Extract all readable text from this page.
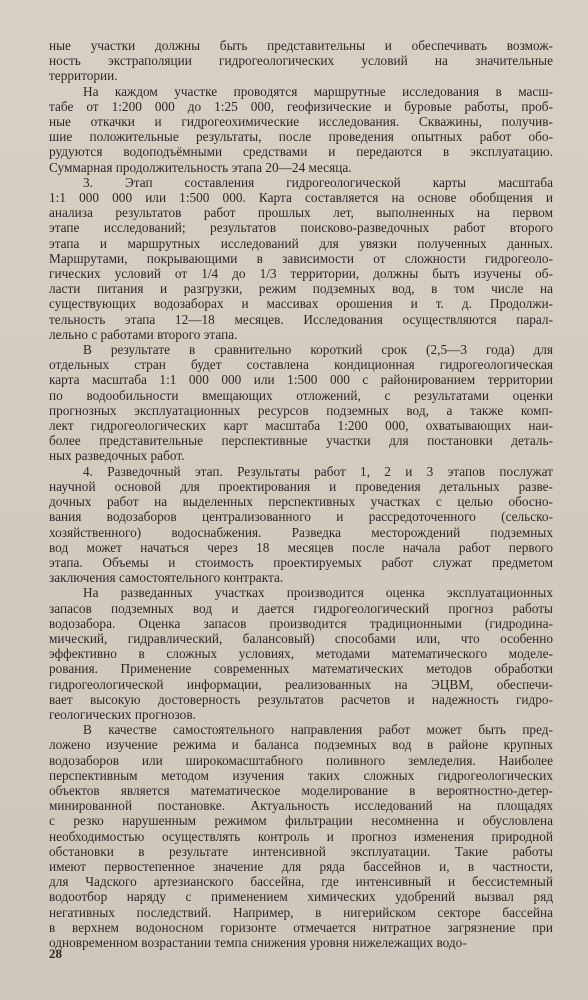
ные участки должны быть представительны и обеспечивать возмож-
ность экстраполяции гидрогеологических условий на значительные
территории.
На каждом участке проводятся маршрутные исследования в масш-
табе от 1:200 000 до 1:25 000, геофизические и буровые работы, проб-
ные откачки и гидрогеохимические исследования. Скважины, получив-
шие положительные результаты, после проведения опытных работ обо-
рудуются водоподъёмными средствами и передаются в эксплуатацию.
Суммарная продолжительность этапа 20—24 месяца.
3. Этап составления гидрогеологической карты масштаба
1:1 000 000 или 1:500 000. Карта составляется на основе обобщения и
анализа результатов работ прошлых лет, выполненных на первом
этапе исследований; результатов поисково-разведочных работ второго
этапа и маршрутных исследований для увязки полученных данных.
Маршрутами, покрывающими в зависимости от сложности гидрогеоло-
гических условий от 1/4 до 1/3 территории, должны быть изучены об-
ласти питания и разгрузки, режим подземных вод, в том числе на
существующих водозаборах и массивах орошения и т. д. Продолжи-
тельность этапа 12—18 месяцев. Исследования осуществляются парал-
лельно с работами второго этапа.
В результате в сравнительно короткий срок (2,5—3 года) для
отдельных стран будет составлена кондиционная гидрогеологическая
карта масштаба 1:1 000 000 или 1:500 000 с районированием территории
по водообильности вмещающих отложений, с результатами оценки
прогнозных эксплуатационных ресурсов подземных вод, а также комп-
лект гидрогеологических карт масштаба 1:200 000, охватывающих наи-
более представительные перспективные участки для постановки деталь-
ных разведочных работ.
4. Разведочный этап. Результаты работ 1, 2 и 3 этапов послужат
научной основой для проектирования и проведения детальных разве-
дочных работ на выделенных перспективных участках с целью обосно-
вания водозаборов централизованного и рассредоточенного (сельско-
хозяйственного) водоснабжения. Разведка месторождений подземных
вод может начаться через 18 месяцев после начала работ первого
этапа. Объемы и стоимость проектируемых работ служат предметом
заключения самостоятельного контракта.
На разведанных участках производится оценка эксплуатационных
запасов подземных вод и дается гидрогеологический прогноз работы
водозабора. Оценка запасов производится традиционными (гидродина-
мический, гидравлический, балансовый) способами или, что особенно
эффективно в сложных условиях, методами математического моделе-
рования. Применение современных математических методов обработки
гидрогеологической информации, реализованных на ЭЦВМ, обеспечи-
вает высокую достоверность результатов расчетов и надежность гидро-
геологических прогнозов.
В качестве самостоятельного направления работ может быть пред-
ложено изучение режима и баланса подземных вод в районе крупных
водозаборов или широкомасштабного поливного земледелия. Наиболее
перспективным методом изучения таких сложных гидрогеологических
объектов является математическое моделирование в вероятностно-детер-
минированной постановке. Актуальность исследований на площадях
с резко нарушенным режимом фильтрации несомненна и обусловлена
необходимостью осуществлять контроль и прогноз изменения природной
обстановки в результате интенсивной эксплуатации. Такие работы
имеют первостепенное значение для ряда бассейнов и, в частности,
для Чадского артезианского бассейна, где интенсивный и бессистемный
водоотбор наряду с применением химических удобрений вызвал ряд
негативных последствий. Например, в нигерийском секторе бассейна
в верхнем водоносном горизонте отмечается нитратное загрязнение при
одновременном возрастании темпа снижения уровня нижележащих водо-
28
